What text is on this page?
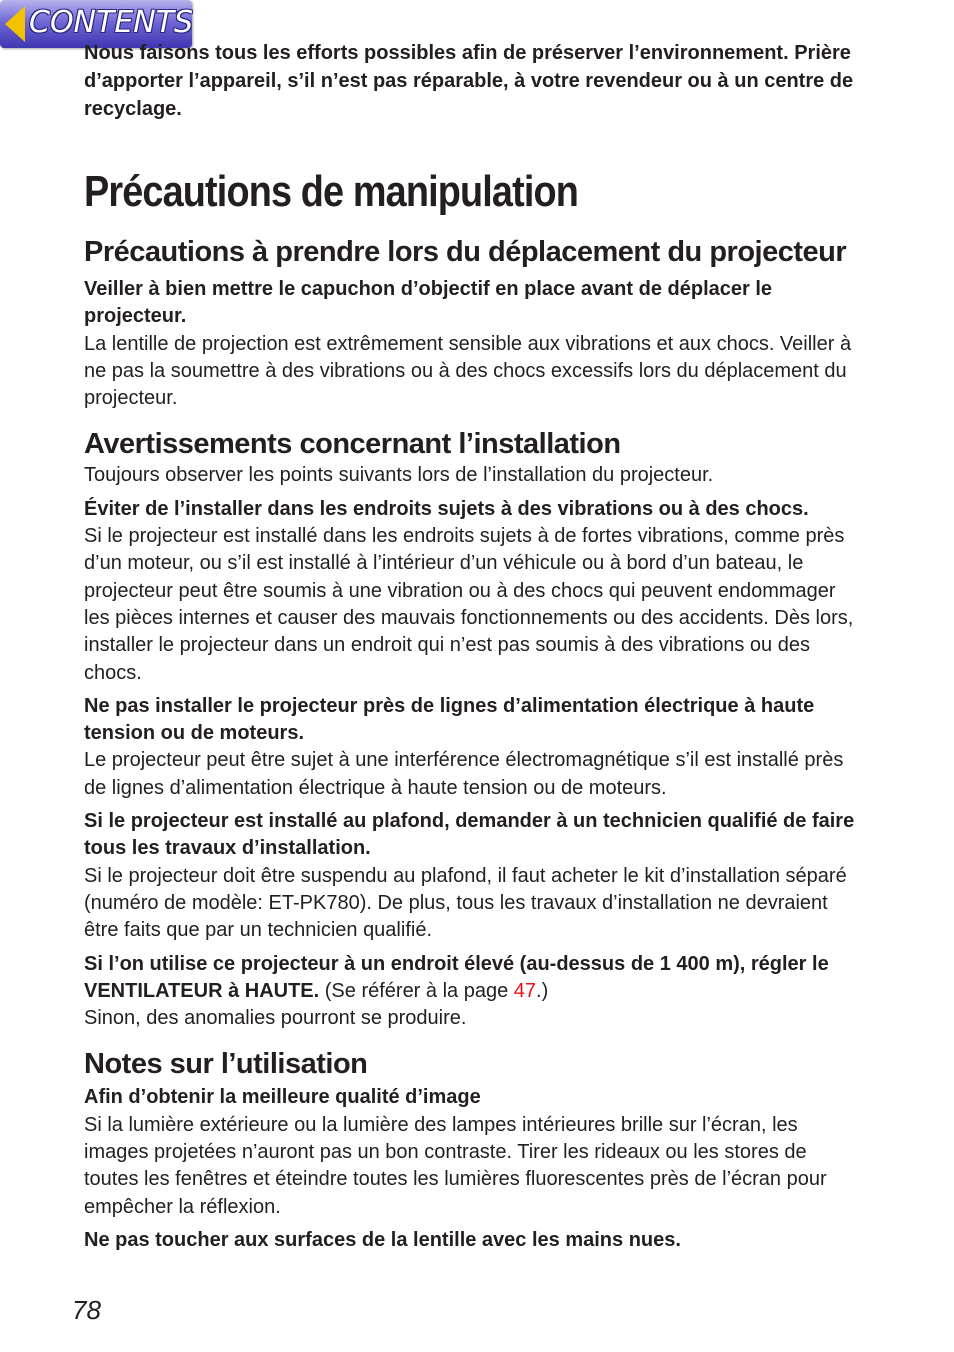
CONTENTS

Nous faisons tous les efforts possibles afin de préserver l’environnement. Prière d’apporter l’appareil, s’il n’est pas réparable, à votre revendeur ou à un centre de recyclage.

Précautions de manipulation
Précautions à prendre lors du déplacement du projecteur

Veiller à bien mettre le capuchon d’objectif en place avant de déplacer le projecteur.

La lentille de projection est extrêmement sensible aux vibrations et aux chocs. Veiller à ne pas la soumettre à des vibrations ou à des chocs excessifs lors du déplacement du projecteur.

Avertissements concernant l’installation

Toujours observer les points suivants lors de l’installation du projecteur.

Éviter de l’installer dans les endroits sujets à des vibrations ou à des chocs.

Si le projecteur est installé dans les endroits sujets à de fortes vibrations, comme près d’un moteur, ou s’il est installé à l’intérieur d’un véhicule ou à bord d’un bateau, le projecteur peut être soumis à une vibration ou à des chocs qui peuvent endommager les pièces internes et causer des mauvais fonctionnements ou des accidents. Dès lors, installer le projecteur dans un endroit qui n’est pas soumis à des vibrations ou des chocs.

Ne pas installer le projecteur près de lignes d’alimentation électrique à haute tension ou de moteurs.

Le projecteur peut être sujet à une interférence électromagnétique s’il est installé près de lignes d’alimentation électrique à haute tension ou de moteurs.

Si le projecteur est installé au plafond, demander à un technicien qualifié de faire tous les travaux d’installation.

Si le projecteur doit être suspendu au plafond, il faut acheter le kit d’installation séparé (numéro de modèle: ET-PK780). De plus, tous les travaux d’installation ne devraient être faits que par un technicien qualifié.

Si l’on utilise ce projecteur à un endroit élevé (au-dessus de 1 400 m), régler le VENTILATEUR à HAUTE. (Se référer à la page 47.)

Sinon, des anomalies pourront se produire.

Notes sur l’utilisation

Afin d’obtenir la meilleure qualité d’image

Si la lumière extérieure ou la lumière des lampes intérieures brille sur l’écran, les images projetées n’auront pas un bon contraste. Tirer les rideaux ou les stores de toutes les fenêtres et éteindre toutes les lumières fluorescentes près de l’écran pour empêcher la réflexion.

Ne pas toucher aux surfaces de la lentille avec les mains nues.

78
